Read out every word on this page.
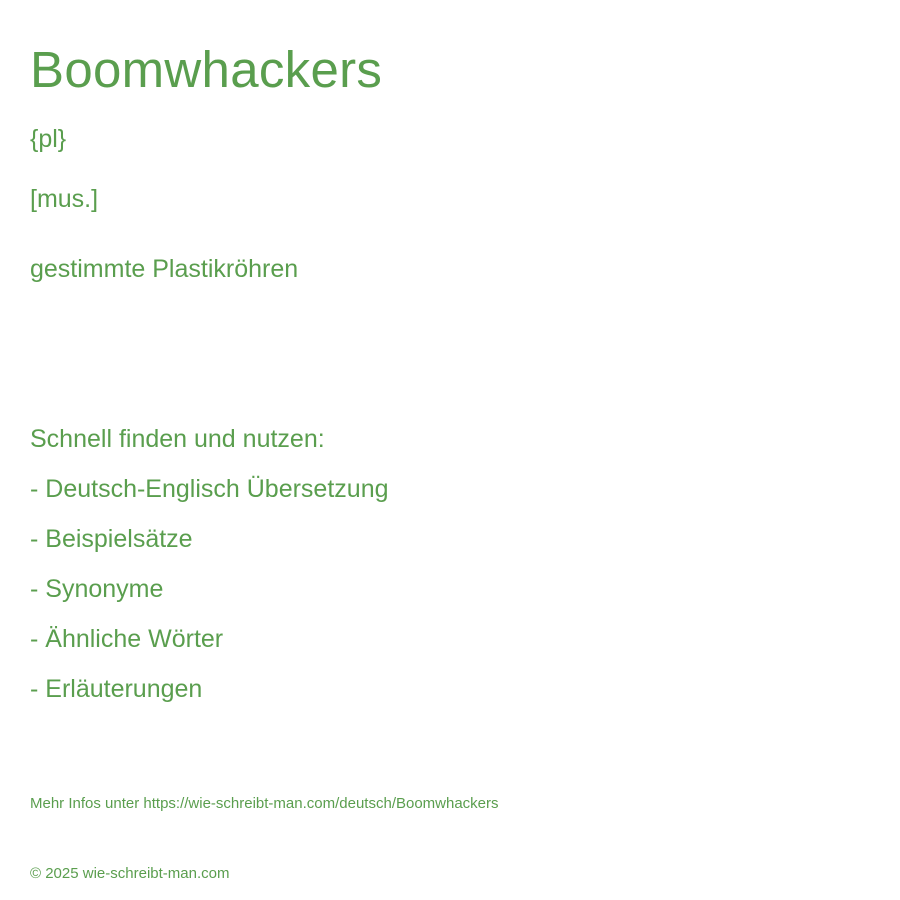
Boomwhackers
{pl}
[mus.]
gestimmte Plastikröhren
Schnell finden und nutzen:
- Deutsch-Englisch Übersetzung
- Beispielsätze
- Synonyme
- Ähnliche Wörter
- Erläuterungen
Mehr Infos unter https://wie-schreibt-man.com/deutsch/Boomwhackers
© 2025 wie-schreibt-man.com
